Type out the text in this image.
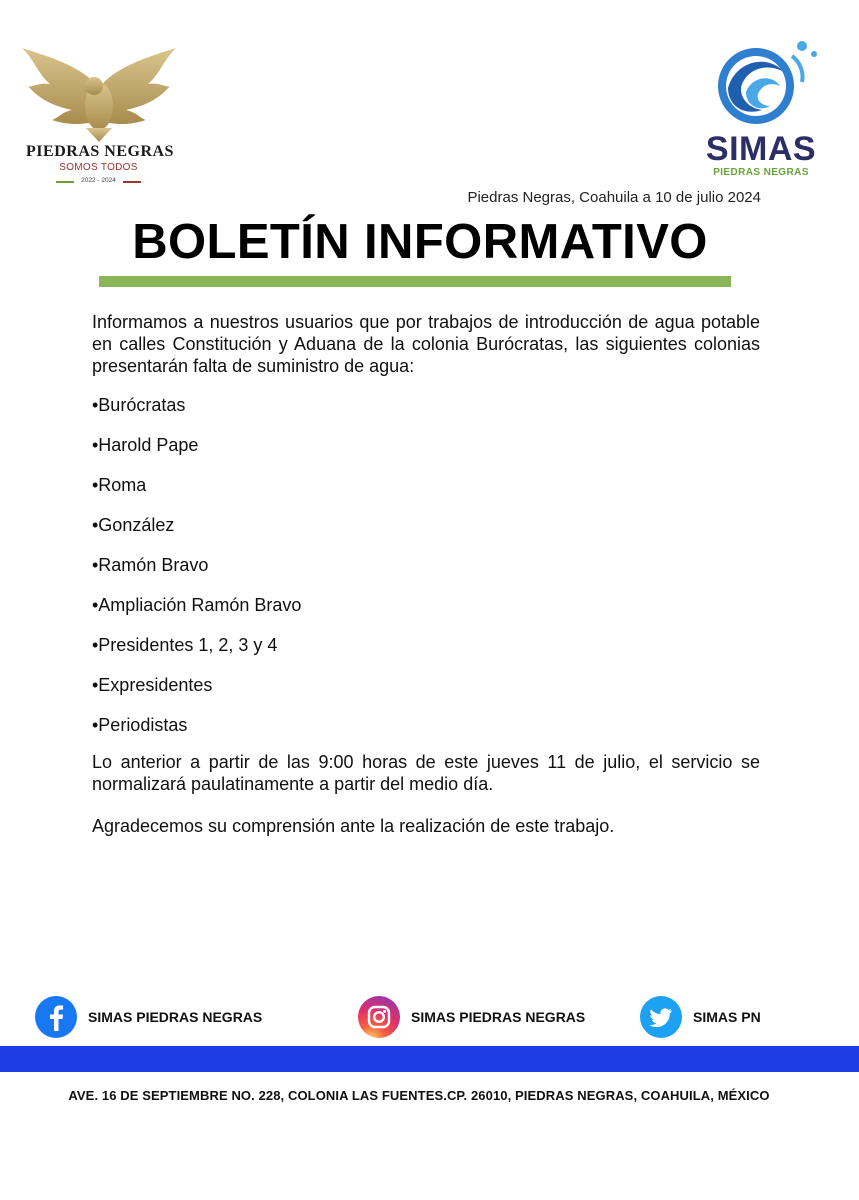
PIEDRAS NEGRAS
SOMOS TODOS
2022 - 2024
SIMAS
PIEDRAS NEGRAS
Piedras Negras, Coahuila a 10 de julio 2024
BOLETÍN INFORMATIVO
Informamos a nuestros usuarios que por trabajos de introducción de agua potable en calles Constitución y Aduana de la colonia Burócratas, las siguientes colonias presentarán falta de suministro de agua:
•Burócratas
•Harold Pape
•Roma
•González
•Ramón Bravo
•Ampliación Ramón Bravo
•Presidentes 1, 2, 3 y 4
•Expresidentes
•Periodistas
Lo anterior a partir de las 9:00 horas de este jueves 11 de julio, el servicio se normalizará paulatinamente a partir del medio día.
Agradecemos su comprensión ante la realización de este trabajo.
SIMAS PIEDRAS NEGRAS	SIMAS PIEDRAS NEGRAS	SIMAS PN
AVE. 16 DE SEPTIEMBRE NO. 228, COLONIA LAS FUENTES.CP. 26010, PIEDRAS NEGRAS, COAHUILA, MÉXICO
